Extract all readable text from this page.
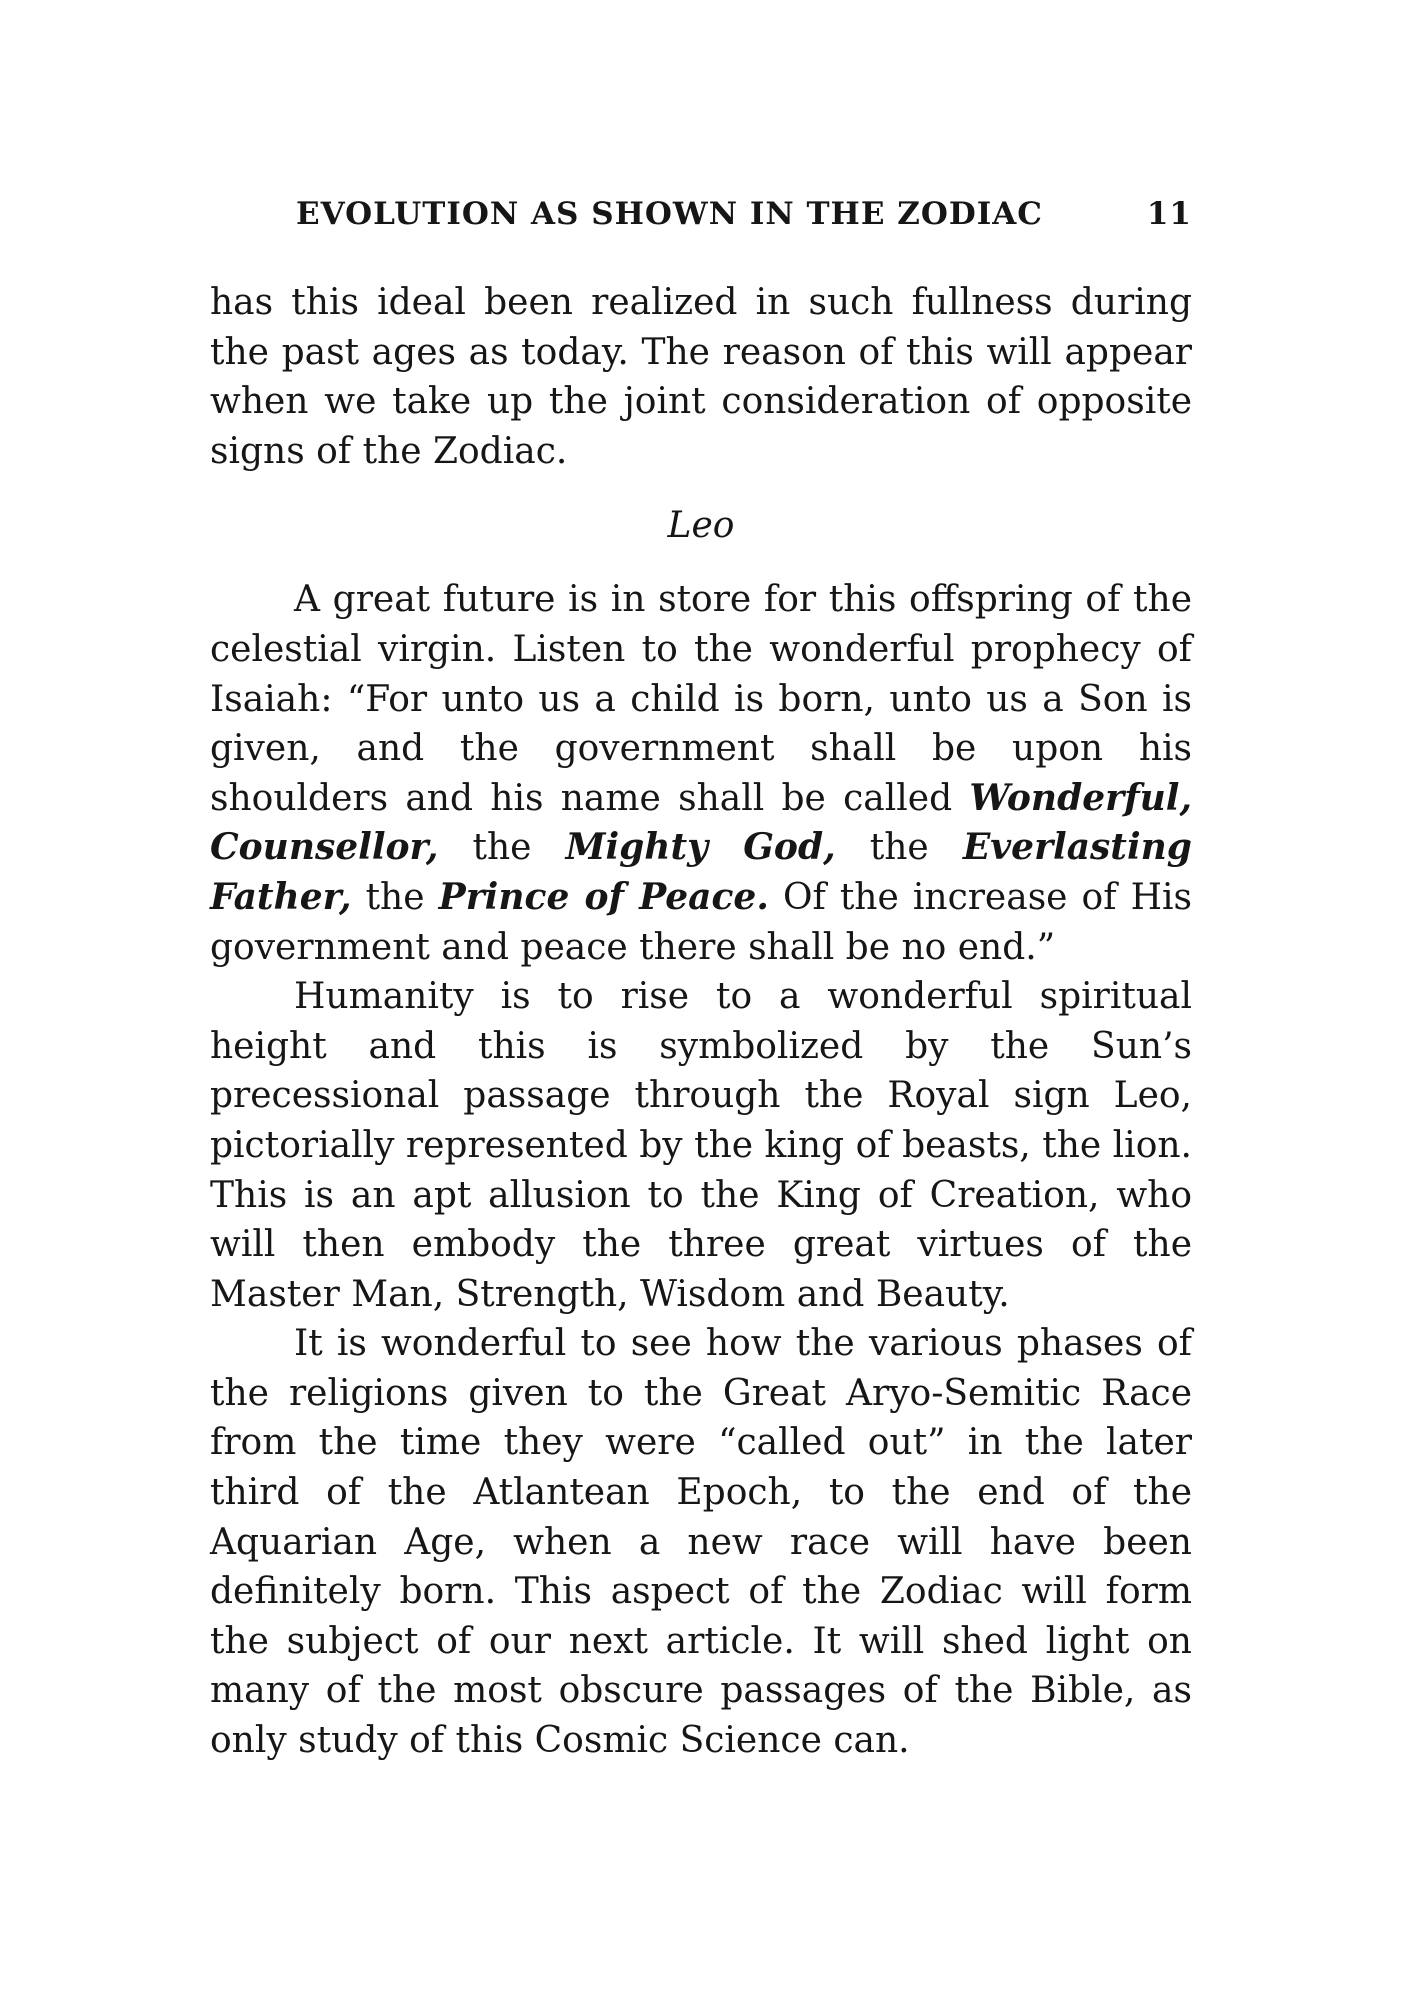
EVOLUTION AS SHOWN IN THE ZODIAC	11

has this ideal been realized in such fullness during the past ages as today. The reason of this will appear when we take up the joint consideration of opposite signs of the Zodiac.

Leo

A great future is in store for this offspring of the celestial virgin. Listen to the wonderful prophecy of Isaiah: “For unto us a child is born, unto us a Son is given, and the government shall be upon his shoulders and his name shall be called Wonderful, Counsellor, the Mighty God, the Everlasting Father, the Prince of Peace. Of the increase of His government and peace there shall be no end.”

Humanity is to rise to a wonderful spiritual height and this is symbolized by the Sun’s precessional passage through the Royal sign Leo, pictorially represented by the king of beasts, the lion. This is an apt allusion to the King of Creation, who will then embody the three great virtues of the Master Man, Strength, Wisdom and Beauty.

It is wonderful to see how the various phases of the religions given to the Great Aryo-Semitic Race from the time they were “called out” in the later third of the Atlantean Epoch, to the end of the Aquarian Age, when a new race will have been definitely born. This aspect of the Zodiac will form the subject of our next article. It will shed light on many of the most obscure passages of the Bible, as only study of this Cosmic Science can.
